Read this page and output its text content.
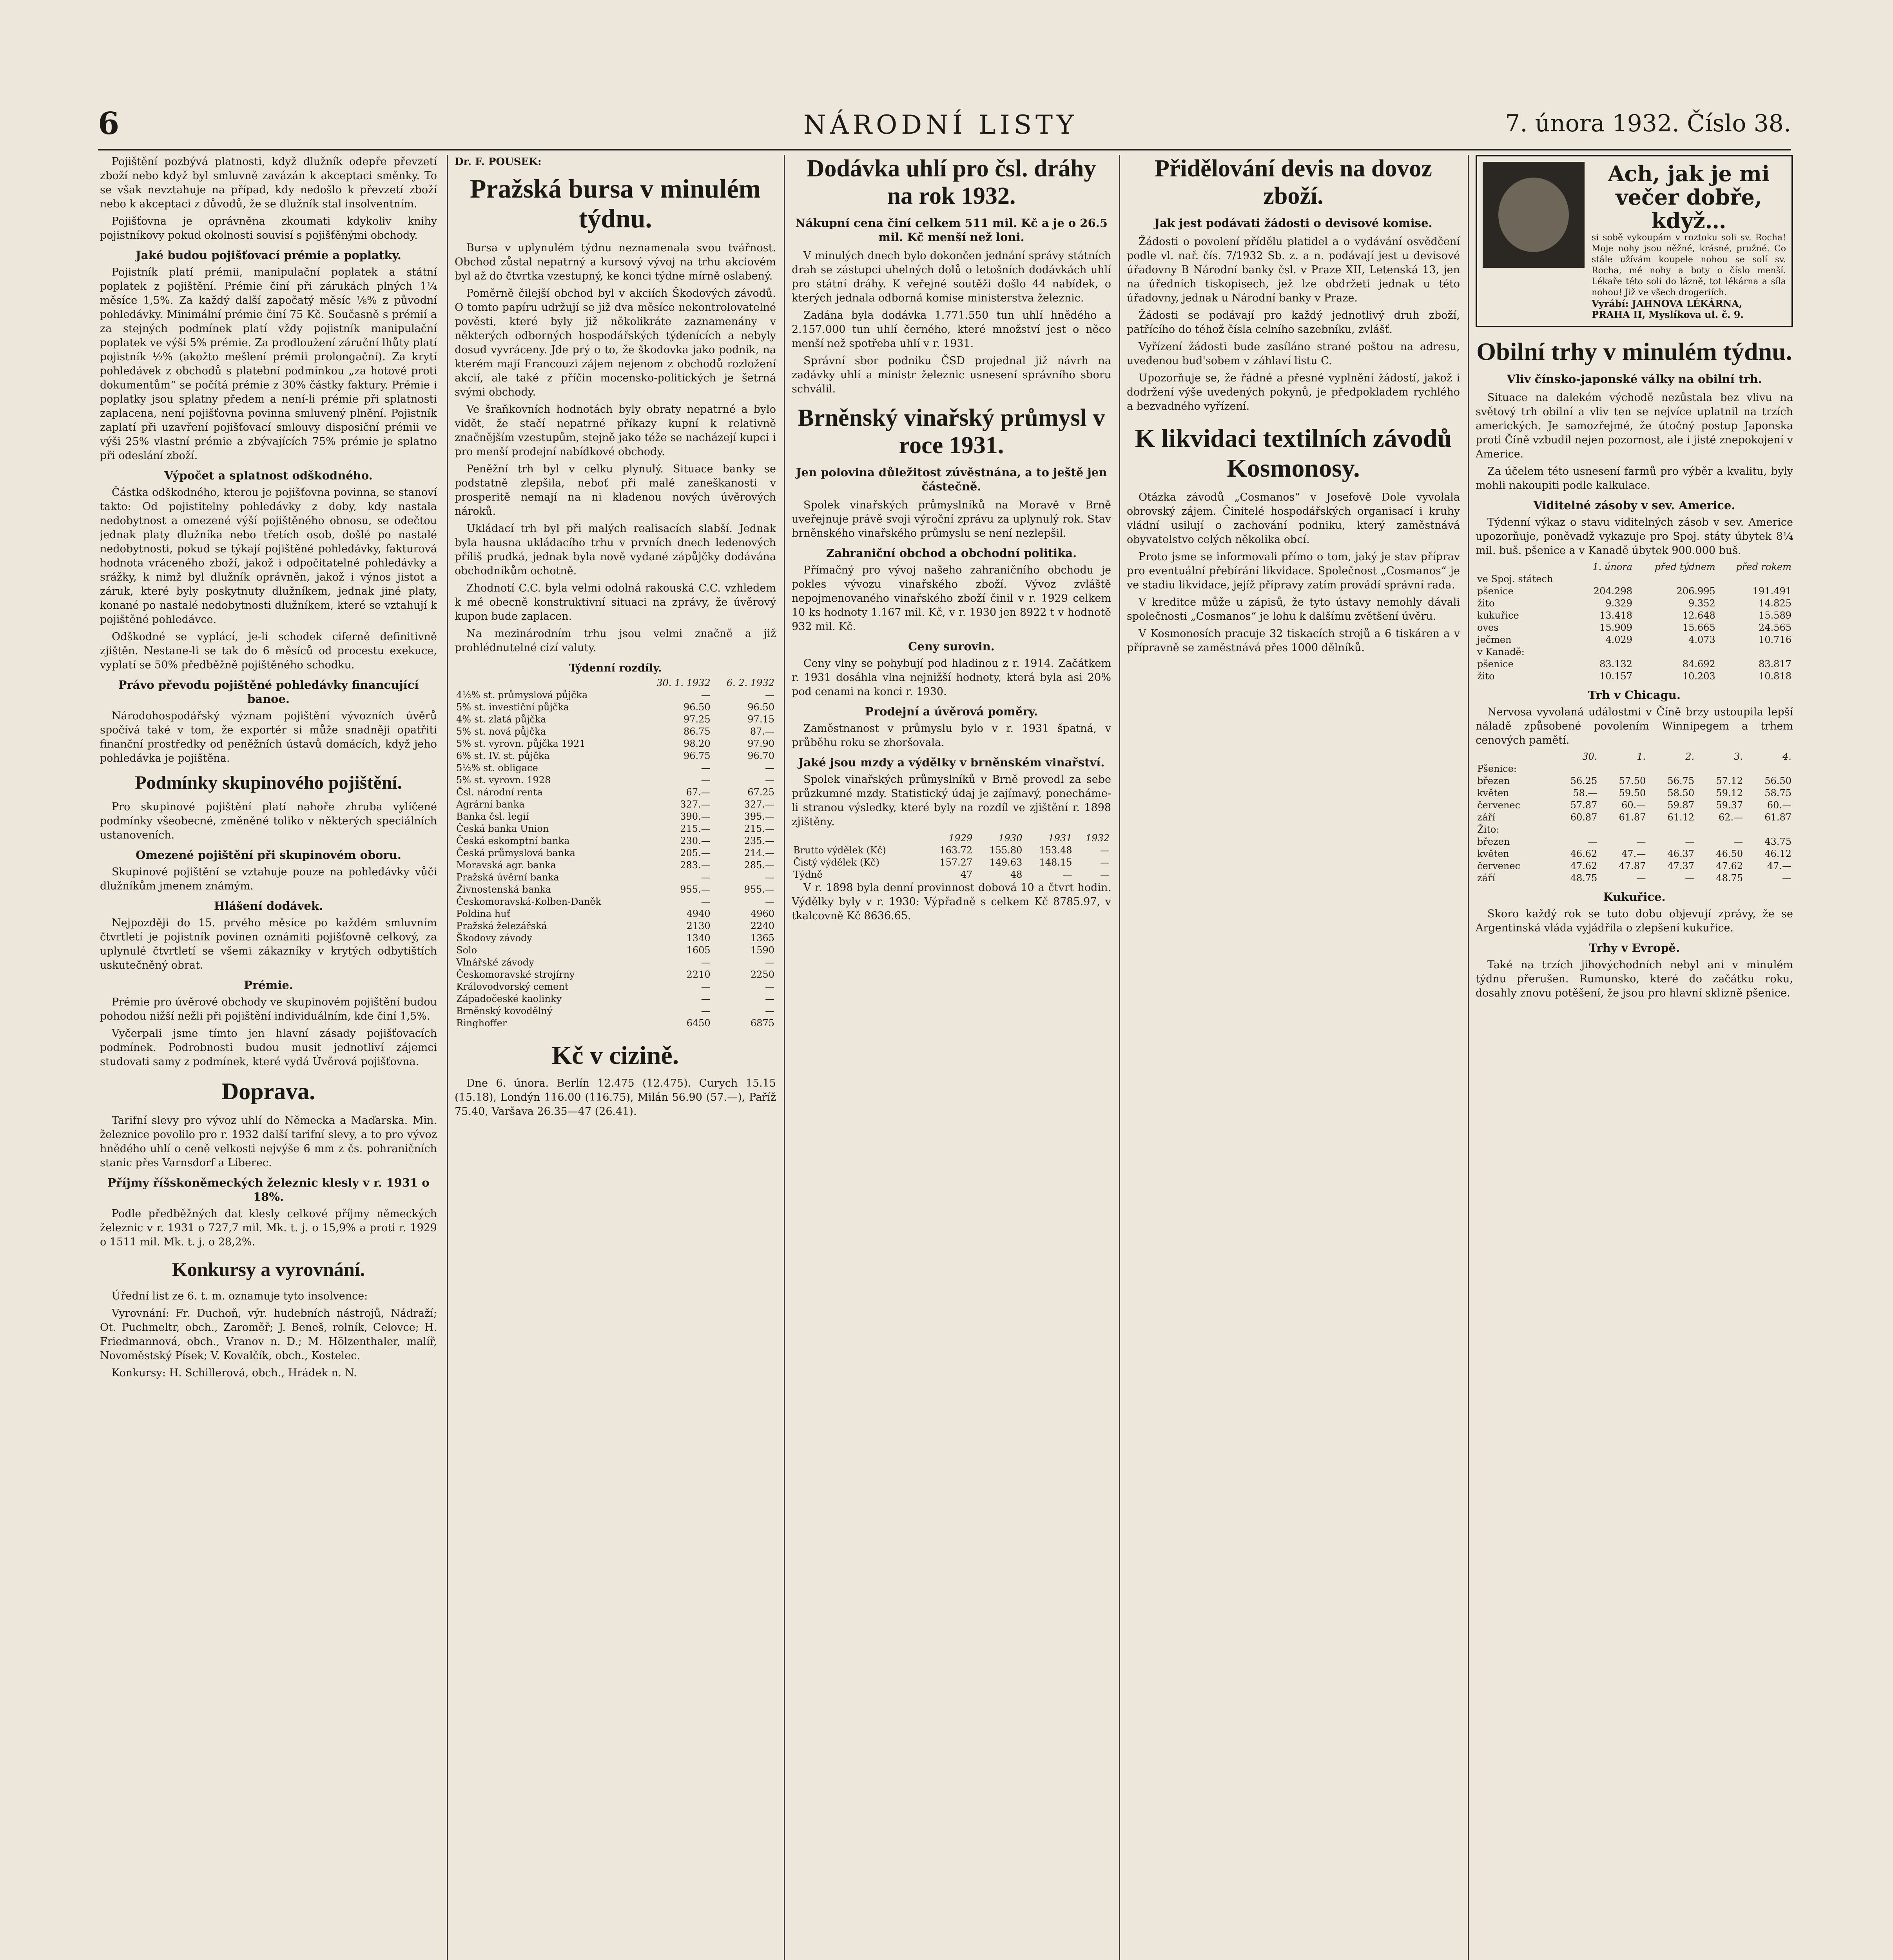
6	NÁRODNÍ LISTY	7. února 1932. Číslo 38.

Pojištění pozbývá platnosti, když dlužník odepře převzetí zboží nebo když byl smluvně zavázán k akceptaci směnky. To se však nevztahuje na případ, kdy nedošlo k převzetí zboží nebo k akceptaci z důvodů, že se dlužník stal insolventním.

Pojišťovna je oprávněna zkoumati kdykoliv knihy pojistníkovy pokud okolnosti souvisí s pojišťěnými obchody.

Jaké budou pojišťovací prémie a poplatky.

Pojistník platí prémii, manipulační poplatek a státní poplatek z pojištění. Prémie činí při zárukách plných 1¼ měsíce 1,5%. Za každý další započatý měsíc ⅛% z původní pohledávky. Minimální prémie činí 75 Kč. Současně s prémií a za stejných podmínek platí vždy pojistník manipulační poplatek ve výši 5% prémie. Za prodloužení záruční lhůty platí pojistník ½% (akožto mešlení prémii prolongační). Za krytí pohledávek z obchodů s platební podmínkou „za hotové proti dokumentům“ se počítá prémie z 30% částky faktury. Prémie i poplatky jsou splatny předem a není-li prémie při splatnosti zaplacena, není pojišťovna povinna smluvený plnění. Pojistník zaplatí při uzavření pojišťovací smlouvy disposiční prémii ve výši 25% vlastní prémie a zbývajících 75% prémie je splatno při odeslání zboží.

Výpočet a splatnost odškodného.

Částka odškodného, kterou je pojišťovna povinna, se stanoví takto: Od pojistitelny pohledávky z doby, kdy nastala nedobytnost a omezené výší pojištěného obnosu, se odečtou jednak platy dlužníka nebo třetích osob, došlé po nastalé nedobytnosti, pokud se týkají pojištěné pohledávky, fakturová hodnota vráceného zboží, jakož i odpočitatelné pohledávky a srážky, k nimž byl dlužník oprávněn, jakož i výnos jistot a záruk, které byly poskytnuty dlužníkem, jednak jiné platy, konané po nastalé nedobytnosti dlužníkem, které se vztahují k pojištěné pohledávce.

Odškodné se vyplácí, je-li schodek ciferně definitivně zjištěn. Nestane-li se tak do 6 měsíců od procestu exekuce, vyplatí se 50% předběžně pojištěného schodku.

Právo převodu pojištěné pohledávky financující banoe.

Národohospodářský význam pojištění vývozních úvěrů spočívá také v tom, že exportér si může snadněji opatřiti finanční prostředky od peněžních ústavů domácích, když jeho pohledávka je pojištěna.

Podmínky skupinového pojištění.

Pro skupinové pojištění platí nahoře zhruba vylíčené podmínky všeobecné, změněné toliko v některých speciálních ustanoveních.

Omezené pojištění při skupinovém oboru.

Skupinové pojištění se vztahuje pouze na pohledávky vůči dlužníkům jmenem známým.

Hlášení dodávek.

Nejpozději do 15. prvého měsíce po každém smluvním čtvrtletí je pojistník povinen oznámiti pojišťovně celkový, za uplynulé čtvrtletí se všemi zákazníky v krytých odbytištích uskutečněný obrat.

Prémie.

Prémie pro úvěrové obchody ve skupinovém pojištění budou pohodou nižší nežli při pojištění individuálním, kde činí 1,5%.

Vyčerpali jsme tímto jen hlavní zásady pojišťovacích podmínek. Podrobnosti budou musit jednotliví zájemci studovati samy z podmínek, které vydá Úvěrová pojišťovna.

Doprava.

Tarifní slevy pro vývoz uhlí do Německa a Maďarska. Min. železnice povolilo pro r. 1932 další tarifní slevy, a to pro vývoz hnědého uhlí o ceně velkosti nejvýše 6 mm z čs. pohraničních stanic přes Varnsdorf a Liberec.

Příjmy říšskoněmeckých železnic klesly v r. 1931 o 18%.

Podle předběžných dat klesly celkové příjmy německých železnic v r. 1931 o 727,7 mil. Mk. t. j. o 15,9% a proti r. 1929 o 1511 mil. Mk. t. j. o 28,2%.

Konkursy a vyrovnání.

Úřední list ze 6. t. m. oznamuje tyto insolvence:

Vyrovnání: Fr. Duchoň, výr. hudebních nástrojů, Nádraží; Ot. Puchmeltr, obch., Zaroměř; J. Beneš, rolník, Celovce; H. Friedmannová, obch., Vranov n. D.; M. Hölzenthaler, malíř, Novoměstský Písek; V. Kovalčík, obch., Kostelec.

Konkursy: H. Schillerová, obch., Hrádek n. N.

Dr. F. POUSEK:
Pražská bursa v minulém týdnu.

Bursa v uplynulém týdnu neznamenala svou tvářnost. Obchod zůstal nepatrný a kursový vývoj na trhu akciovém byl až do čtvrtka vzestupný, ke konci týdne mírně oslabený.

Poměrně čilejší obchod byl v akciích Škodových závodů. O tomto papíru udržují se již dva měsíce nekontrolovatelné pověsti, které byly již několikráte zaznamenány v některých odborných hospodářských týdenících a nebyly dosud vyvráceny. Jde prý o to, že škodovka jako podnik, na kterém mají Francouzi zájem nejenom z obchodů rozložení akcií, ale také z příčin mocensko-politických je šetrná svými obchody.

Ve šraňkovních hodnotách byly obraty nepatrné a bylo vidět, že stačí nepatrné příkazy kupní k relativně značnějším vzestupům, stejně jako téže se nacházejí kupci i pro menší prodejní nabídkové obchody.

Peněžní trh byl v celku plynulý. Situace banky se podstatně zlepšila, neboť při malé zaneškanosti v prosperitě nemají na ni kladenou nových úvěrových nároků.

Ukládací trh byl při malých realisacích slabší. Jednak byla hausna ukládacího trhu v prvních dnech ledenových příliš prudká, jednak byla nově vydané zápůjčky dodávána obchodníkům ochotně.

Zhodnotí C.C. byla velmi odolná rakouská C.C. vzhledem k mé obecně konstruktivní situaci na zprávy, že úvěrový kupon bude zaplacen.

Na mezinárodním trhu jsou velmi značně a již prohlédnutelné cizí valuty.

Týdenní rozdíly.
	30. 1. 1932	6. 2. 1932
4½% st. průmyslová půjčka	—	—
5% st. investiční půjčka	96.50	96.50
4% st. zlatá půjčka	97.25	97.15
5% st. nová půjčka	86.75	87.—
5% st. vyrovn. půjčka 1921	98.20	97.90
6% st. IV. st. půjčka	96.75	96.70
5½% st. obligace	—	—
5% st. vyrovn. 1928	—	—
Čsl. národní renta	67.—	67.25
Agrární banka	327.—	327.—
Banka čsl. legií	390.—	395.—
Česká banka Union	215.—	215.—
Česká eskomptní banka	230.—	235.—
Česká průmyslová banka	205.—	214.—
Moravská agr. banka	283.—	285.—
Pražská úvěrní banka	—	—
Živnostenská banka	955.—	955.—
Českomoravská-Kolben-Daněk	—	—
Poldina huť	4940	4960
Pražská železářská	2130	2240
Škodovy závody	1340	1365
Solo	1605	1590
Vlnářské závody	—	—
Českomoravské strojírny	2210	2250
Královodvorský cement	—	—
Západočeské kaolinky	—	—
Brněnský kovodělný	—	—
Ringhoffer	6450	6875
Kč v cizině.

Dne 6. února. Berlín 12.475 (12.475). Curych 15.15 (15.18), Londýn 116.00 (116.75), Milán 56.90 (57.—), Paříž 75.40, Varšava 26.35—47 (26.41).

Dodávka uhlí pro čsl. dráhy na rok 1932.
Nákupní cena činí celkem 511 mil. Kč a je o 26.5 mil. Kč menší než loni.

V minulých dnech bylo dokončen jednání správy státních drah se zástupci uhelných dolů o letošních dodávkách uhlí pro státní dráhy. K veřejné soutěži došlo 44 nabídek, o kterých jednala odborná komise ministerstva železnic.

Zadána byla dodávka 1.771.550 tun uhlí hnědého a 2.157.000 tun uhlí černého, které množství jest o něco menší než spotřeba uhlí v r. 1931.

Správní sbor podniku ČSD projednal již návrh na zadávky uhlí a ministr železnic usnesení správního sboru schválil.

Brněnský vinařský průmysl v roce 1931.
Jen polovina důležitost zúvěstnána, a to ještě jen částečně.

Spolek vinařských průmyslníků na Moravě v Brně uveřejnuje právě svoji výroční zprávu za uplynulý rok. Stav brněnského vinařského průmyslu se není nezlepšil.

Zahraniční obchod a obchodní politika.

Přímačný pro vývoj našeho zahraničního obchodu je pokles vývozu vinařského zboží. Vývoz zvláště nepojmenovaného vinařského zboží činil v r. 1929 celkem 10 ks hodnoty 1.167 mil. Kč, v r. 1930 jen 8922 t v hodnotě 932 mil. Kč.

Ceny surovin.

Ceny vlny se pohybují pod hladinou z r. 1914. Začátkem r. 1931 dosáhla vlna nejnižší hodnoty, která byla asi 20% pod cenami na konci r. 1930.

Prodejní a úvěrová poměry.

Zaměstnanost v průmyslu bylo v r. 1931 špatná, v průběhu roku se zhoršovala.

Jaké jsou mzdy a výdělky v brněnském vinařství.

Spolek vinařských průmyslníků v Brně provedl za sebe průzkumné mzdy. Statistický údaj je zajímavý, ponecháme-li stranou výsledky, které byly na rozdíl ve zjištění r. 1898 zjištěny.

	1929	1930	1931	1932
Brutto výdělek (Kč)	163.72	155.80	153.48	—
Čistý výdělek (Kč)	157.27	149.63	148.15	—
Týdně	47	48	—	—

V r. 1898 byla denní provinnost dobová 10 a čtvrt hodin. Výdělky byly v r. 1930: Výpřadně s celkem Kč 8785.97, v tkalcovně Kč 8636.65.

Přidělování devis na dovoz zboží.
Jak jest podávati žádosti o devisové komise.

Žádosti o povolení přídělu platidel a o vydávání osvědčení podle vl. nař. čís. 7/1932 Sb. z. a n. podávají jest u devisové úřadovny B Národní banky čsl. v Praze XII, Letenská 13, jen na úředních tiskopisech, jež lze obdržeti jednak u této úřadovny, jednak u Národní banky v Praze.

Žádosti se podávají pro každý jednotlivý druh zboží, patřícího do téhož čísla celního sazebníku, zvlášť.

Vyřízení žádosti bude zasíláno strané poštou na adresu, uvedenou bud'sobem v záhlaví listu C.

Upozorňuje se, že řádné a přesné vyplnění žádostí, jakož i dodržení výše uvedených pokynů, je předpokladem rychlého a bezvadného vyřízení.

K likvidaci textilních závodů Kosmonosy.

Otázka závodů „Cosmanos“ v Josefově Dole vyvolala obrovský zájem. Činitelé hospodářských organisací i kruhy vládní usilují o zachování podniku, který zaměstnává obyvatelstvo celých několika obcí.

Proto jsme se informovali přímo o tom, jaký je stav příprav pro eventuální přebírání likvidace. Společnost „Cosmanos“ je ve stadiu likvidace, jejíž přípravy zatím provádí správní rada.

V kreditce může u zápisů, že tyto ústavy nemohly dávali společnosti „Cosmanos“ je lohu k dalšímu zvětšení úvěru.

V Kosmonosích pracuje 32 tiskacích strojů a 6 tiskáren a v přípravně se zaměstnává přes 1000 dělníků.

Ach, jak je mi večer dobře, když…
si sobě vykoupám v roztoku soli sv. Rocha! Moje nohy jsou něžné, krásné, pružné. Co stále užívám koupele nohou se solí sv. Rocha, mé nohy a boty o číslo menší. Lékaře této soli do lázně, tot lékárna a síla nohou! Již ve všech drogeriích.
Vyrábí: JAHNOVA LÉKÁRNA,
PRAHA II, Myslíkova ul. č. 9.
Obilní trhy v minulém týdnu.
Vliv čínsko-japonské války na obilní trh.

Situace na dalekém východě nezůstala bez vlivu na světový trh obilní a vliv ten se nejvíce uplatnil na trzích amerických. Je samozřejmé, že útočný postup Japonska proti Číně vzbudil nejen pozornost, ale i jisté znepokojení v Americe.

Za účelem této usnesení farmů pro výběr a kvalitu, byly mohli nakoupiti podle kalkulace.

Viditelné zásoby v sev. Americe.

Týdenní výkaz o stavu viditelných zásob v sev. Americe upozorňuje, poněvadž vykazuje pro Spoj. státy úbytek 8¼ mil. buš. pšenice a v Kanadě úbytek 900.000 buš.

	1. února	před týdnem	před rokem
ve Spoj. státech			
pšenice	204.298	206.995	191.491
žito	9.329	9.352	14.825
kukuřice	13.418	12.648	15.589
oves	15.909	15.665	24.565
ječmen	4.029	4.073	10.716
v Kanadě:			
pšenice	83.132	84.692	83.817
žito	10.157	10.203	10.818
Trh v Chicagu.

Nervosa vyvolaná událostmi v Číně brzy ustoupila lepší náladě způsobené povolením Winnipegem a trhem cenových pamětí.

	30.	1.	2.	3.	4.
Pšenice:					
březen	56.25	57.50	56.75	57.12	56.50
květen	58.—	59.50	58.50	59.12	58.75
červenec	57.87	60.—	59.87	59.37	60.—
září	60.87	61.87	61.12	62.—	61.87
Žito:					
březen	—	—	—	—	43.75
květen	46.62	47.—	46.37	46.50	46.12
červenec	47.62	47.87	47.37	47.62	47.—
září	48.75	—	—	48.75	—
Kukuřice.

Skoro každý rok se tuto dobu objevují zprávy, že se Argentinská vláda vyjádřila o zlepšení kukuřice.

Trhy v Evropě.

Také na trzích jihovýchodních nebyl ani v minulém týdnu přerušen. Rumunsko, které do začátku roku, dosahly znovu potěšení, že jsou pro hlavní sklizně pšenice.
